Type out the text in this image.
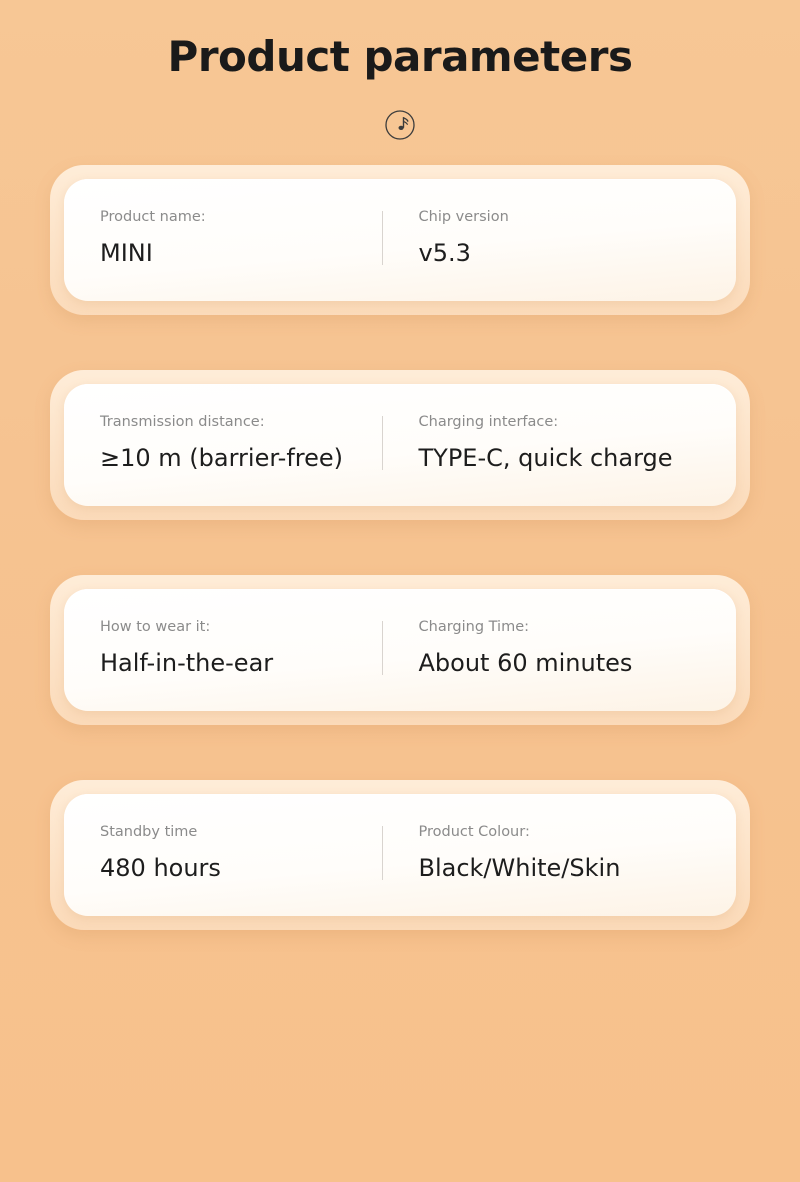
Product parameters
Product name:
MINI
Chip version
v5.3
Transmission distance:
≥10 m (barrier-free)
Charging interface:
TYPE-C, quick charge
How to wear it:
Half-in-the-ear
Charging Time:
About 60 minutes
Standby time
480 hours
Product Colour:
Black/White/Skin
